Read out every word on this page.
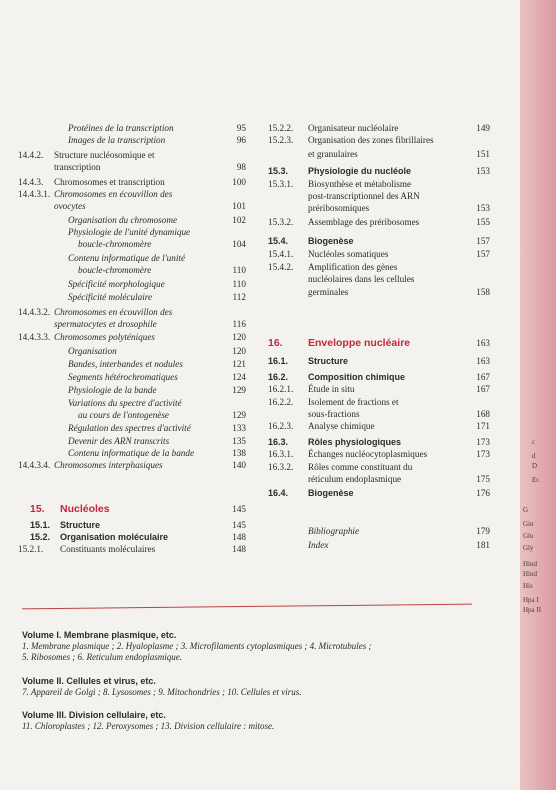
Protéines de la transcription	95
Images de la transcription	96
14.4.2. Structure nucléosomique et
transcription	98
14.4.3. Chromosomes et transcription	100
14.4.3.1. Chromosomes en écouvillon des
ovocytes	101
Organisation du chromosome	102
Physiologie de l'unité dynamique
boucle-chromomère	104
Contenu informatique de l'unité
boucle-chromomère	110
Spécificité morphologique	110
Spécificité moléculaire	112
14.4.3.2. Chromosomes en écouvillon des
spermatocytes et drosophile	116
14.4.3.3. Chromosomes polyténiques	120
Organisation	120
Bandes, interbandes et nodules	121
Segments hétérochromatiques	124
Physiologie de la bande	129
Variations du spectre d'activité
au cours de l'ontogenèse	129
Régulation des spectres d'activité	133
Devenir des ARN transcrits	135
Contenu informatique de la bande	138
14.4.3.4. Chromosomes interphasiques	140
15. Nucléoles	145
15.1. Structure	145
15.2. Organisation moléculaire	148
15.2.1. Constituants moléculaires	148
15.2.2. Organisateur nucléolaire	149
15.2.3. Organisation des zones fibrillaires
et granulaires	151
15.3. Physiologie du nucléole	153
15.3.1. Biosynthèse et métabolisme
post-transcriptionnel des ARN
préribosomiques	153
15.3.2. Assemblage des préribosomes	155
15.4. Biogenèse	157
15.4.1. Nucléoles somatiques	157
15.4.2. Amplification des gènes
nucléolaires dans les cellules
germinales	158
16. Enveloppe nucléaire	163
16.1. Structure	163
16.2. Composition chimique	167
16.2.1. Étude in situ	167
16.2.2. Isolement de fractions et
sous-fractions	168
16.2.3. Analyse chimique	171
16.3. Rôles physiologiques	173
16.3.1. Échanges nucléocytoplasmiques	173
16.3.2. Rôles comme constituant du
réticulum endoplasmique	175
16.4. Biogenèse	176
Bibliographie	179
Index	181
Volume I. Membrane plasmique, etc.
1. Membrane plasmique ; 2. Hyaloplasme ; 3. Microfilaments cytoplasmiques ; 4. Microtubules ;
5. Ribosomes ; 6. Reticulum endoplasmique.
Volume II. Cellules et virus, etc.
7. Appareil de Golgi ; 8. Lysosomes ; 9. Mitochondries ; 10. Cellules et virus.
Volume III. Division cellulaire, etc.
11. Chloroplastes ; 12. Peroxysomes ; 13. Division cellulaire : mitose.
c
d
D
Ec
G
Gin
Glu
Gly
Hind
Hind
His
Hpa I
Hpa II
